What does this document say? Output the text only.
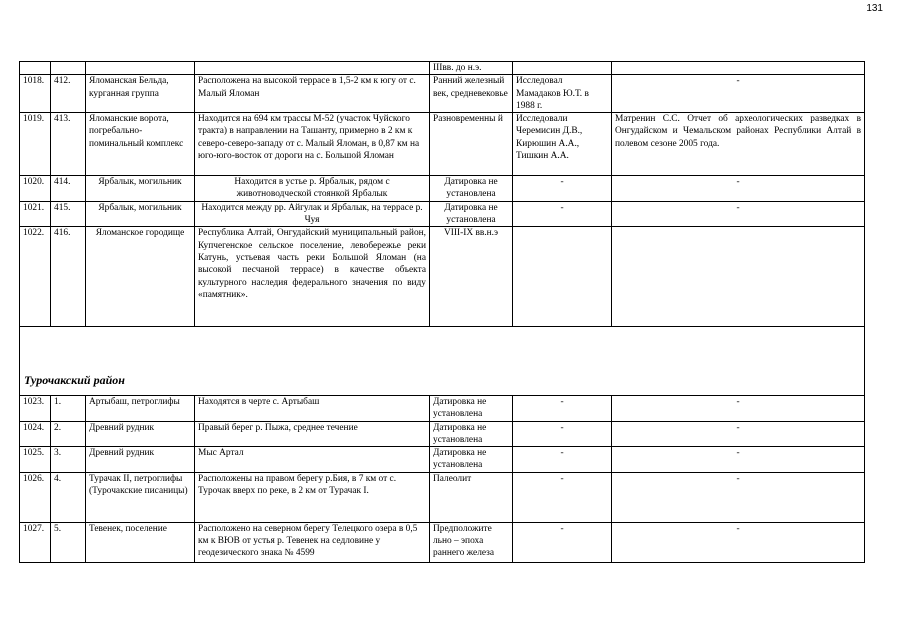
131
				IIIвв. до н.э.		
1018.	412.	Яломанская Бельда, курганная группа	Расположена на высокой террасе в 1,5-2 км к югу от с. Малый Яломан	Ранний железный век, средневековье	Исследовал Мамадаков Ю.Т. в 1988 г.	-
1019.	413.	Яломанские ворота, погребально-поминальный комплекс	Находится на 694 км трассы М-52 (участок Чуйского тракта) в направлении на Ташанту, примерно в 2 км к северо-северо-западу от с. Малый Яломан, в 0,87 км на юго-юго-восток от дороги на с. Большой Яломан	Разновременны й	Исследовали Черемисин Д.В., Кирюшин А.А., Тишкин А.А.	Матренин С.С. Отчет об археологических разведках в Онгудайском и Чемальском районах Республики Алтай в полевом сезоне 2005 года.
1020.	414.	Ярбалык, могильник	Находится в устье р. Ярбалык, рядом с животноводческой стоянкой Ярбалык	Датировка не установлена	-	-
1021.	415.	Ярбалык, могильник	Находится между рр. Айгулак и Ярбалык, на террасе р. Чуя	Датировка не установлена	-	-
1022.	416.	Яломанское городище	Республика Алтай, Онгудайский муниципальный район, Купчегенское сельское поселение, левобережье реки Катунь, устьевая часть реки Большой Яломан (на высокой песчаной террасе) в качестве объекта культурного наследия федерального значения по виду «памятник».	VIII-IX вв.н.э		

Турочакский район						
1023.	1.	Артыбаш, петроглифы	Находятся в черте с. Артыбаш	Датировка не установлена	-	-
1024.	2.	Древний рудник	Правый берег р. Пыжа, среднее течение	Датировка не установлена	-	-
1025.	3.	Древний рудник	Мыс Артал	Датировка не установлена	-	-
1026.	4.	Турачак II, петроглифы (Турочакские писаницы)	Расположены на правом берегу р.Бия, в 7 км от с. Турочак вверх по реке, в 2 км от Турачак I.	Палеолит	-	-
1027.	5.	Тевенек, поселение	Расположено на северном берегу Телецкого озера в 0,5 км к ВЮВ от устья р. Тевенек на седловине у геодезического знака № 4599	Предположите льно – эпоха раннего железа	-	-
